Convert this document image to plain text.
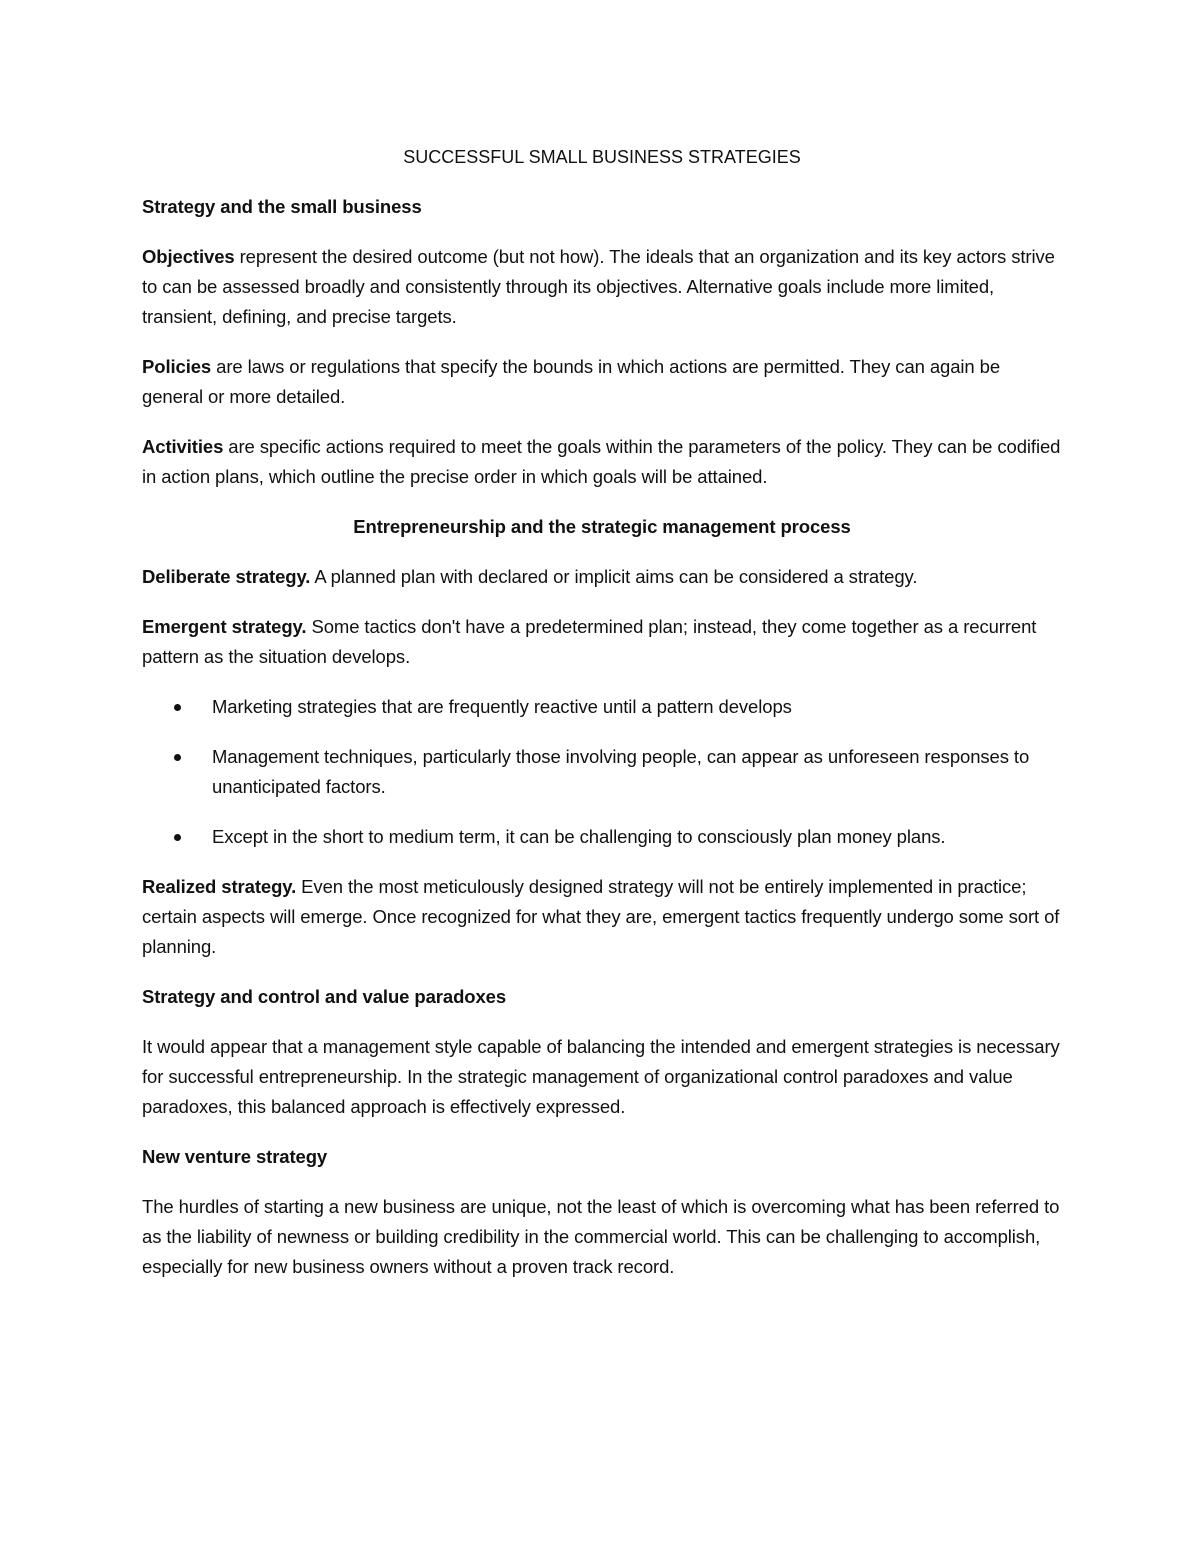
SUCCESSFUL SMALL BUSINESS STRATEGIES
Strategy and the small business

Objectives represent the desired outcome (but not how). The ideals that an organization and its key actors strive to can be assessed broadly and consistently through its objectives. Alternative goals include more limited, transient, defining, and precise targets.

Policies are laws or regulations that specify the bounds in which actions are permitted. They can again be general or more detailed.

Activities are specific actions required to meet the goals within the parameters of the policy. They can be codified in action plans, which outline the precise order in which goals will be attained.

Entrepreneurship and the strategic management process

Deliberate strategy. A planned plan with declared or implicit aims can be considered a strategy.

Emergent strategy. Some tactics don't have a predetermined plan; instead, they come together as a recurrent pattern as the situation develops.

Marketing strategies that are frequently reactive until a pattern develops
Management techniques, particularly those involving people, can appear as unforeseen responses to unanticipated factors.
Except in the short to medium term, it can be challenging to consciously plan money plans.

Realized strategy. Even the most meticulously designed strategy will not be entirely implemented in practice; certain aspects will emerge. Once recognized for what they are, emergent tactics frequently undergo some sort of planning.

Strategy and control and value paradoxes

It would appear that a management style capable of balancing the intended and emergent strategies is necessary for successful entrepreneurship. In the strategic management of organizational control paradoxes and value paradoxes, this balanced approach is effectively expressed.

New venture strategy

The hurdles of starting a new business are unique, not the least of which is overcoming what has been referred to as the liability of newness or building credibility in the commercial world. This can be challenging to accomplish, especially for new business owners without a proven track record.
